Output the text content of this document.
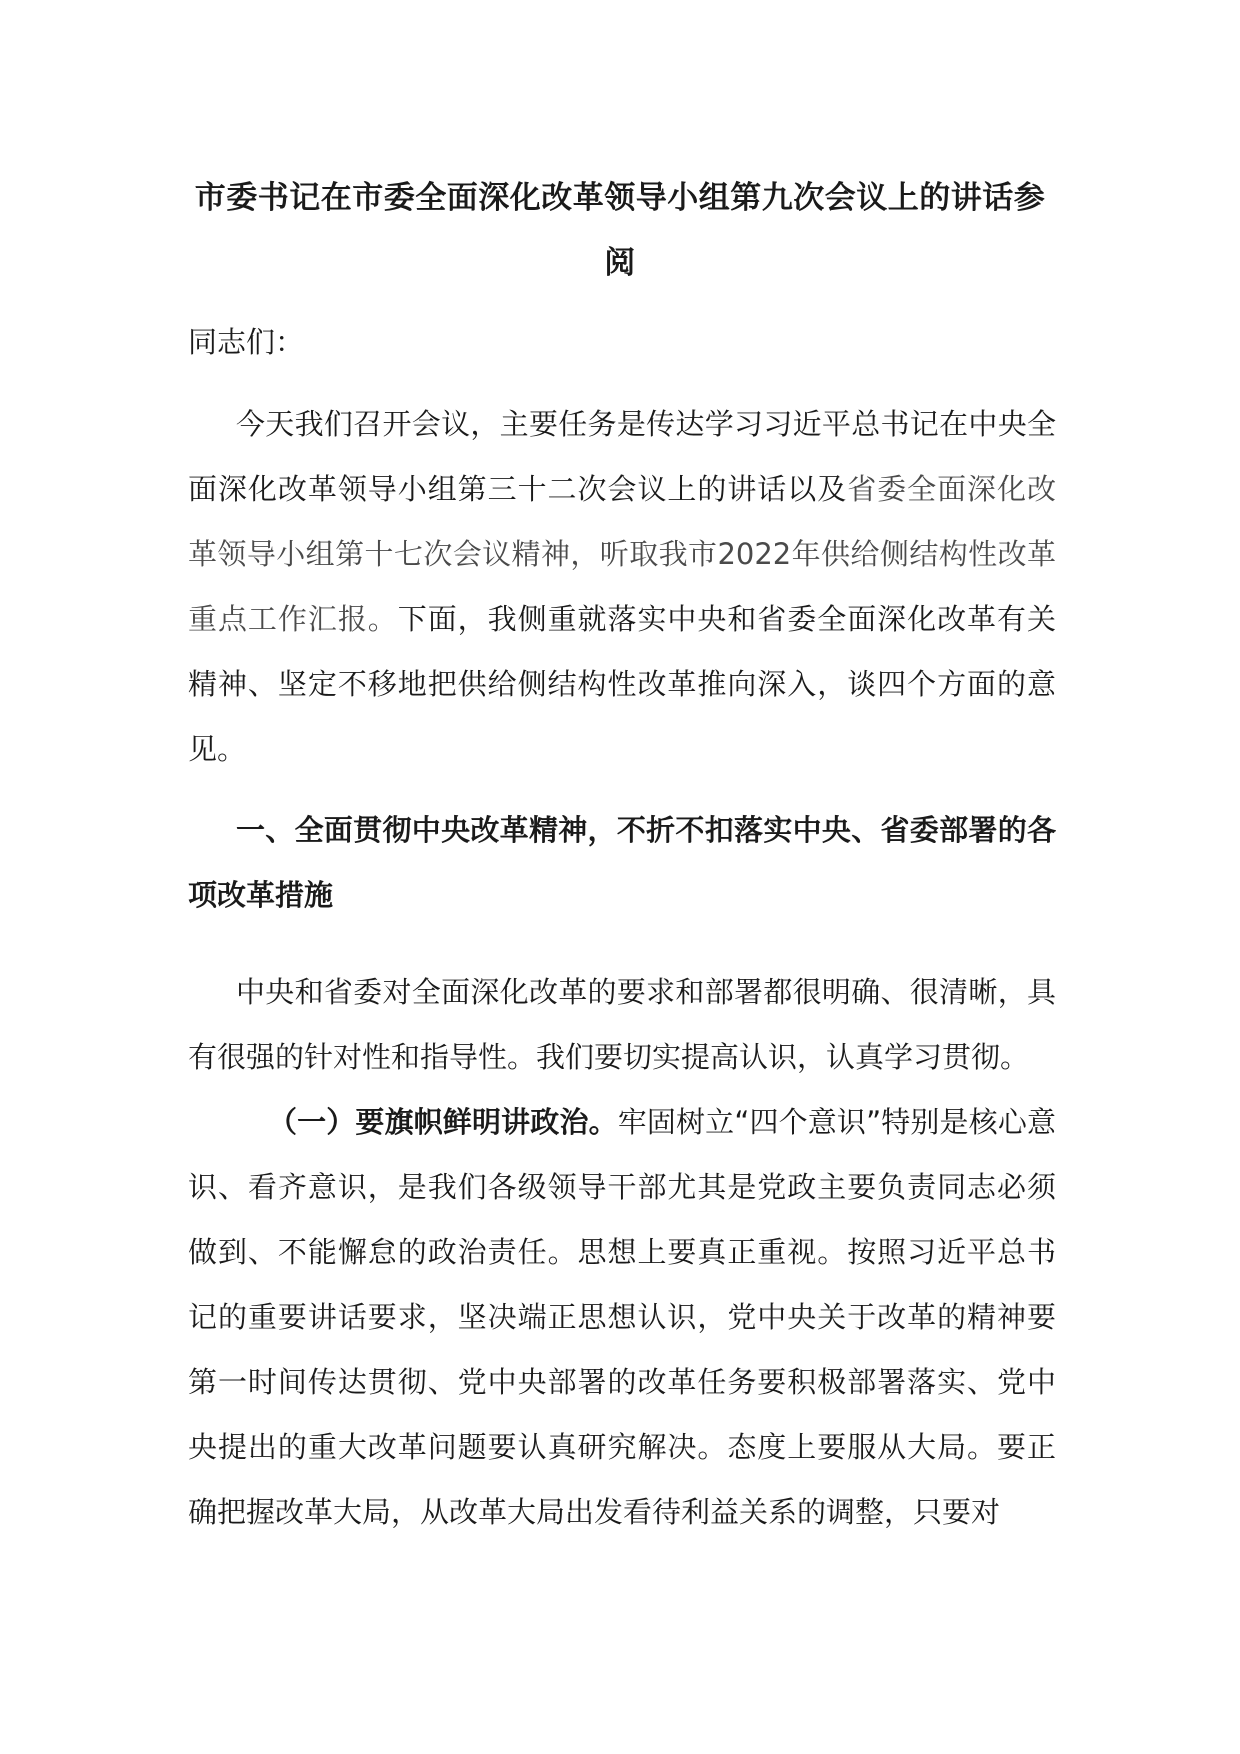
市委书记在市委全面深化改革领导小组第九次会议上的讲话参阅
同志们：
今天我们召开会议，主要任务是传达学习习近平总书记在中央全面深化改革领导小组第三十二次会议上的讲话以及省委全面深化改革领导小组第十七次会议精神，听取我市2022年供给侧结构性改革重点工作汇报。下面，我侧重就落实中央和省委全面深化改革有关精神、坚定不移地把供给侧结构性改革推向深入，谈四个方面的意见。
一、全面贯彻中央改革精神，不折不扣落实中央、省委部署的各项改革措施
中央和省委对全面深化改革的要求和部署都很明确、很清晰，具有很强的针对性和指导性。我们要切实提高认识，认真学习贯彻。
（一）要旗帜鲜明讲政治。牢固树立“四个意识”特别是核心意识、看齐意识，是我们各级领导干部尤其是党政主要负责同志必须做到、不能懈怠的政治责任。思想上要真正重视。按照习近平总书记的重要讲话要求，坚决端正思想认识，党中央关于改革的精神要第一时间传达贯彻、党中央部署的改革任务要积极部署落实、党中央提出的重大改革问题要认真研究解决。态度上要服从大局。要正确把握改革大局，从改革大局出发看待利益关系的调整，只要对
